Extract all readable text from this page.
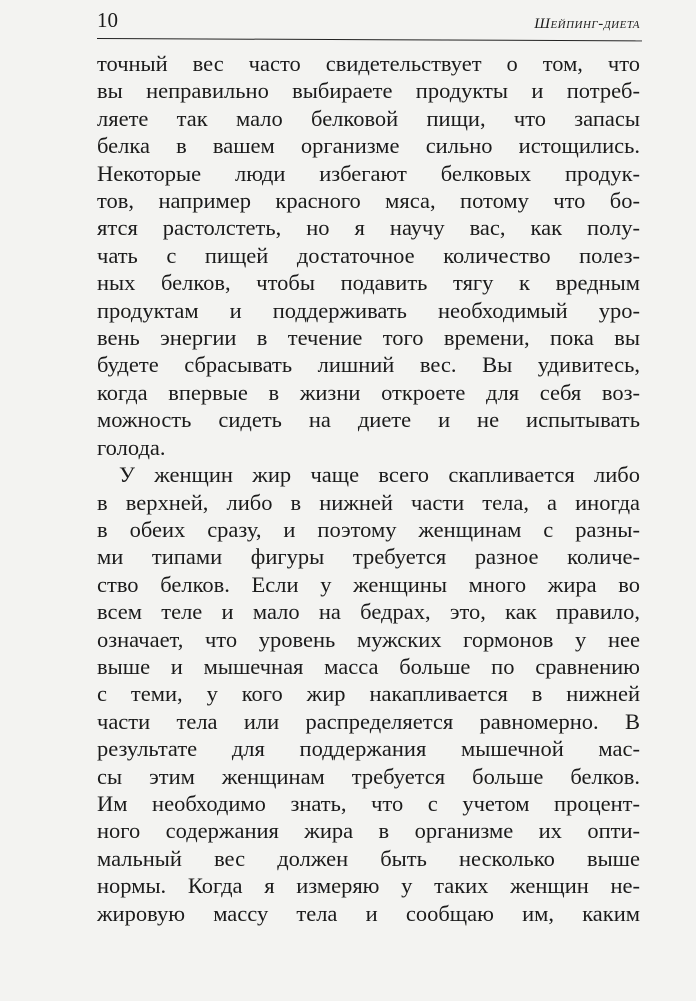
10	Шейпинг-диета
точный вес часто свидетельствует о том, что
вы неправильно выбираете продукты и потреб-
ляете так мало белковой пищи, что запасы
белка в вашем организме сильно истощились.
Некоторые люди избегают белковых продук-
тов, например красного мяса, потому что бо-
ятся растолстеть, но я научу вас, как полу-
чать с пищей достаточное количество полез-
ных белков, чтобы подавить тягу к вредным
продуктам и поддерживать необходимый уро-
вень энергии в течение того времени, пока вы
будете сбрасывать лишний вес. Вы удивитесь,
когда впервые в жизни откроете для себя воз-
можность сидеть на диете и не испытывать
голода.
У женщин жир чаще всего скапливается либо
в верхней, либо в нижней части тела, а иногда
в обеих сразу, и поэтому женщинам с разны-
ми типами фигуры требуется разное количе-
ство белков. Если у женщины много жира во
всем теле и мало на бедрах, это, как правило,
означает, что уровень мужских гормонов у нее
выше и мышечная масса больше по сравнению
с теми, у кого жир накапливается в нижней
части тела или распределяется равномерно. В
результате для поддержания мышечной мас-
сы этим женщинам требуется больше белков.
Им необходимо знать, что с учетом процент-
ного содержания жира в организме их опти-
мальный вес должен быть несколько выше
нормы. Когда я измеряю у таких женщин не-
жировую массу тела и сообщаю им, каким
